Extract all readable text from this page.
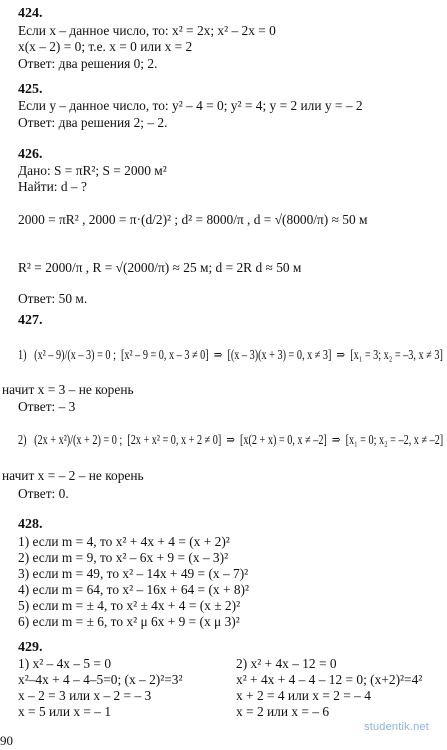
424.
Если x – данное число, то: x² = 2x; x² – 2x = 0
x(x – 2) = 0; т.е. x = 0 или x = 2
Ответ: два решения 0; 2.
425.
Если y – данное число, то: y² – 4 = 0; y² = 4; y = 2 или y = – 2
Ответ: два решения 2; – 2.
426.
Дано: S = πR²; S = 2000 м²
Найти: d – ?
2000 = πR² , 2000 = π·(d/2)² ; d² = 8000/π , d = √(8000/π) ≈ 50 м
R² = 2000/π , R = √(2000/π) ≈ 25 м; d = 2R d ≈ 50 м
Ответ: 50 м.
427.
1)   (x² – 9)/(x – 3) = 0 ;  [x² – 9 = 0, x – 3 ≠ 0]  ⇒  [(x – 3)(x + 3) = 0, x ≠ 3]  ⇒  [x₁ = 3; x₂ = –3, x ≠ 3]
начит x = 3 – не корень
Ответ: – 3
2)   (2x + x²)/(x + 2) = 0 ;  [2x + x² = 0, x + 2 ≠ 0]  ⇒  [x(2 + x) = 0, x ≠ –2]  ⇒  [x₁ = 0; x₂ = –2, x ≠ –2]
начит x = – 2 – не корень
Ответ: 0.
428.
1) если m = 4, то x² + 4x + 4 = (x + 2)²
2) если m = 9, то x² – 6x + 9 = (x – 3)²
3) если m = 49, то x² – 14x + 49 = (x – 7)²
4) если m = 64, то x² – 16x + 64 = (x + 8)²
5) если m = ± 4, то x² ± 4x + 4 = (x ± 2)²
6) если m = ± 6, то x² μ 6x + 9 = (x μ 3)²
429.
1) x² – 4x – 5 = 0	2) x² + 4x – 12 = 0
x²–4x + 4 – 4–5=0; (x – 2)²=3²	x² + 4x + 4 – 4 – 12 = 0; (x+2)²=4²
x – 2 = 3 или x – 2 = – 3	x + 2 = 4 или x = 2 = – 4
x = 5 или x = – 1	x = 2 или x = – 6
studentik.net
90
